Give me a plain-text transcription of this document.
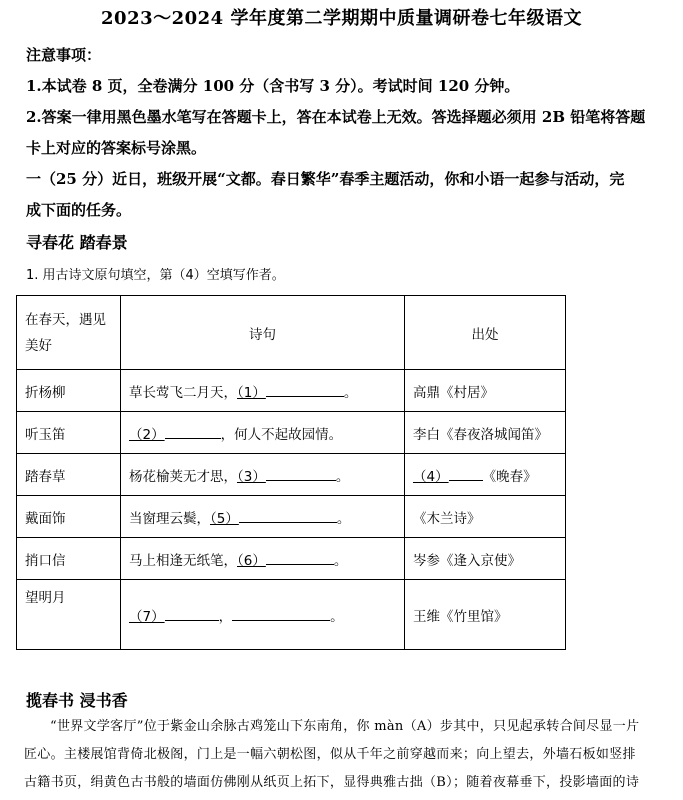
2023～2024 学年度第二学期期中质量调研卷七年级语文
注意事项：
1.本试卷 8 页，全卷满分 100 分（含书写 3 分）。考试时间 120 分钟。
2.答案一律用黑色墨水笔写在答题卡上，答在本试卷上无效。答选择题必须用 2B 铅笔将答题
卡上对应的答案标号涂黑。
一（25 分）近日，班级开展“文都。春日繁华”春季主题活动，你和小语一起参与活动，完
成下面的任务。
寻春花 踏春景
1. 用古诗文原句填空，第（4）空填写作者。
在春天，遇见美好	诗句	出处
折杨柳	草长莺飞二月天，（1） 。	高鼎《村居》
听玉笛	（2） ，何人不起故园情。	李白《春夜洛城闻笛》
踏春草	杨花榆荚无才思，（3） 。	（4） 《晚春》
戴面饰	当窗理云鬓，（5） 。	《木兰诗》
捎口信	马上相逢无纸笔，（6） 。	岑参《逢入京使》
望明月	（7） ， 。	王维《竹里馆》
揽春书 浸书香
“世界文学客厅”位于紫金山余脉古鸡笼山下东南角，你 màn（A）步其中，只见起承转合间尽显一片
匠心。主楼展馆背倚北极阁，门上是一幅六朝松图，似从千年之前穿越而来；向上望去，外墙石板如竖排
古籍书页，绢黄色古书般的墙面仿佛刚从纸页上拓下，显得典雅古拙（B）；随着夜幕垂下，投影墙面的诗
